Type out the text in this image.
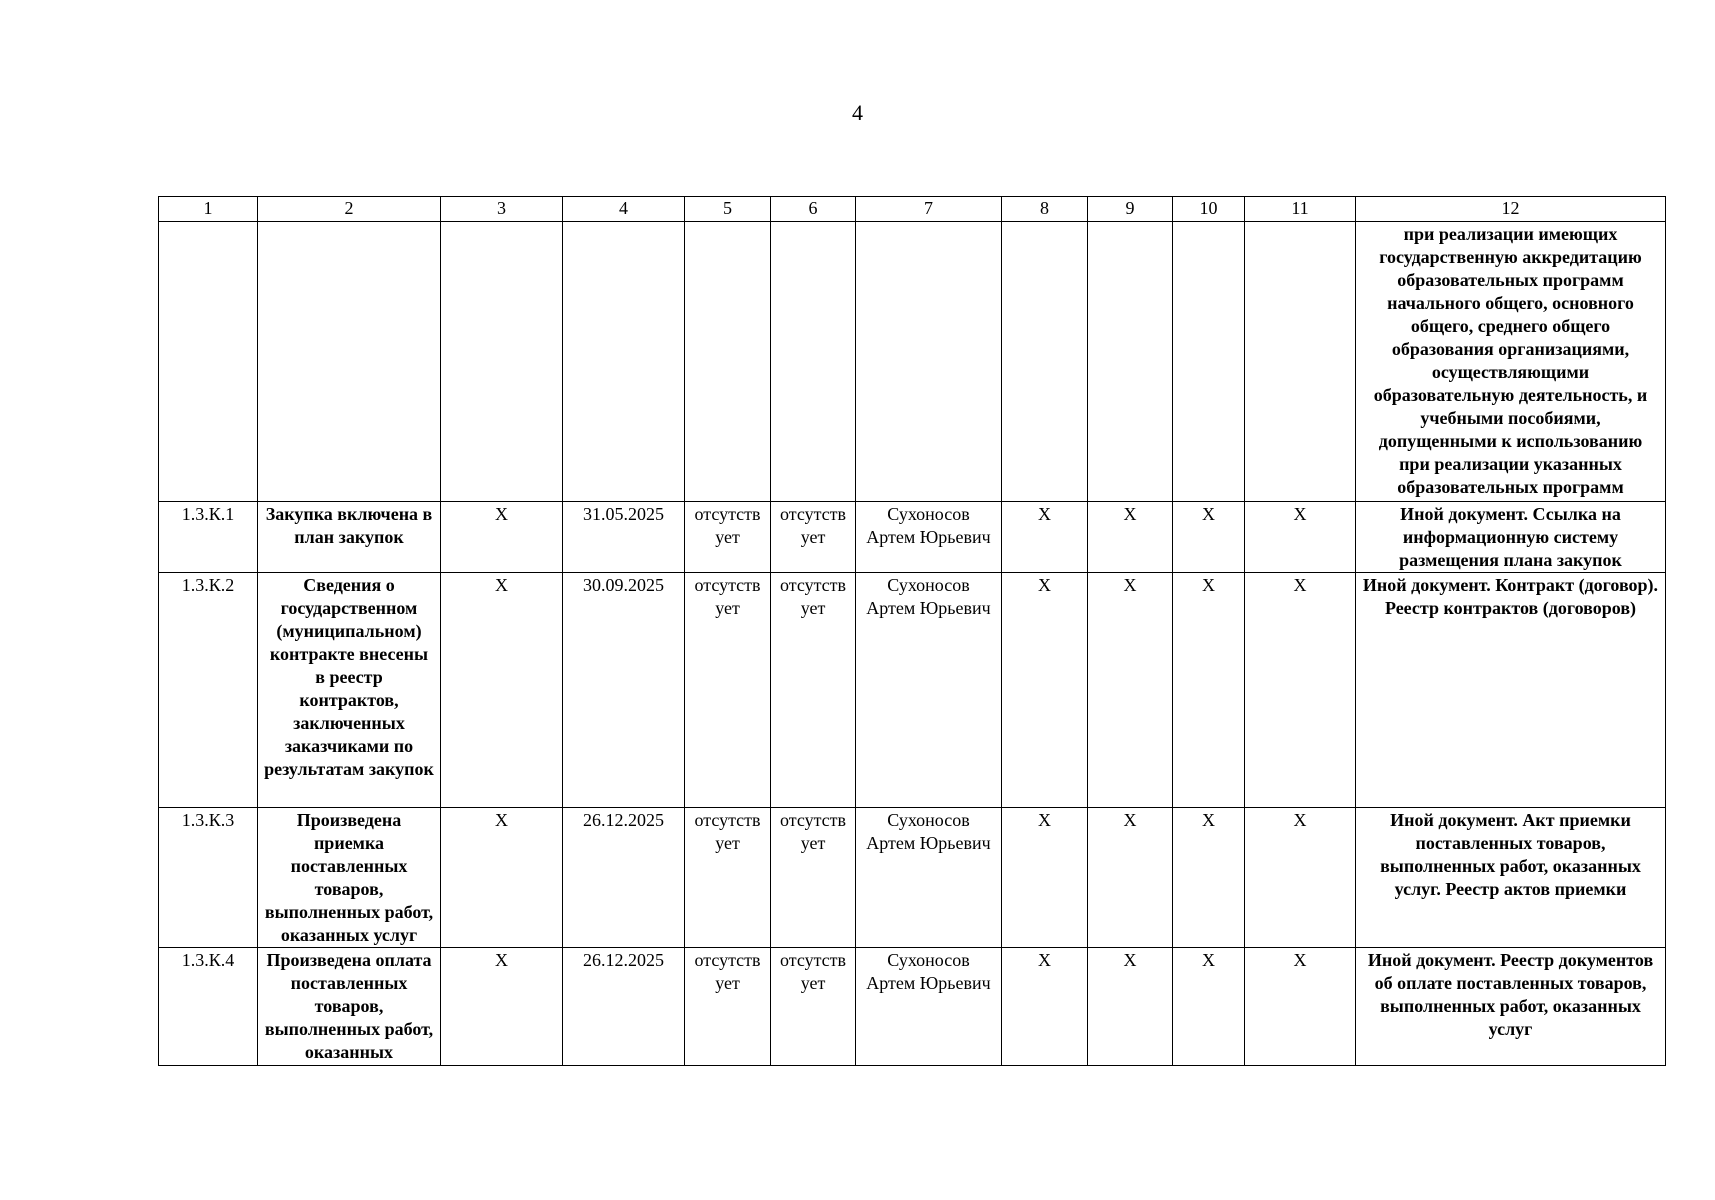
4
1	2	3	4	5	6	7	8	9	10	11	12
											при реализации имеющих государственную аккредитацию образовательных программ начального общего, основного общего, среднего общего образования организациями, осуществляющими образовательную деятельность, и учебными пособиями, допущенными к использованию при реализации указанных образовательных программ
1.3.К.1	Закупка включена в план закупок	X	31.05.2025	отсутствует	отсутствует	Сухоносов Артем Юрьевич	X	X	X	X	Иной документ. Ссылка на информационную систему размещения плана закупок
1.3.К.2	Сведения о государственном (муниципальном) контракте внесены в реестр контрактов, заключенных заказчиками по результатам закупок	X	30.09.2025	отсутствует	отсутствует	Сухоносов Артем Юрьевич	X	X	X	X	Иной документ. Контракт (договор). Реестр контрактов (договоров)
1.3.К.3	Произведена приемка поставленных товаров, выполненных работ, оказанных услуг	X	26.12.2025	отсутствует	отсутствует	Сухоносов Артем Юрьевич	X	X	X	X	Иной документ. Акт приемки поставленных товаров, выполненных работ, оказанных услуг. Реестр актов приемки
1.3.К.4	Произведена оплата поставленных товаров, выполненных работ, оказанных	X	26.12.2025	отсутствует	отсутствует	Сухоносов Артем Юрьевич	X	X	X	X	Иной документ. Реестр документов об оплате поставленных товаров, выполненных работ, оказанных услуг
